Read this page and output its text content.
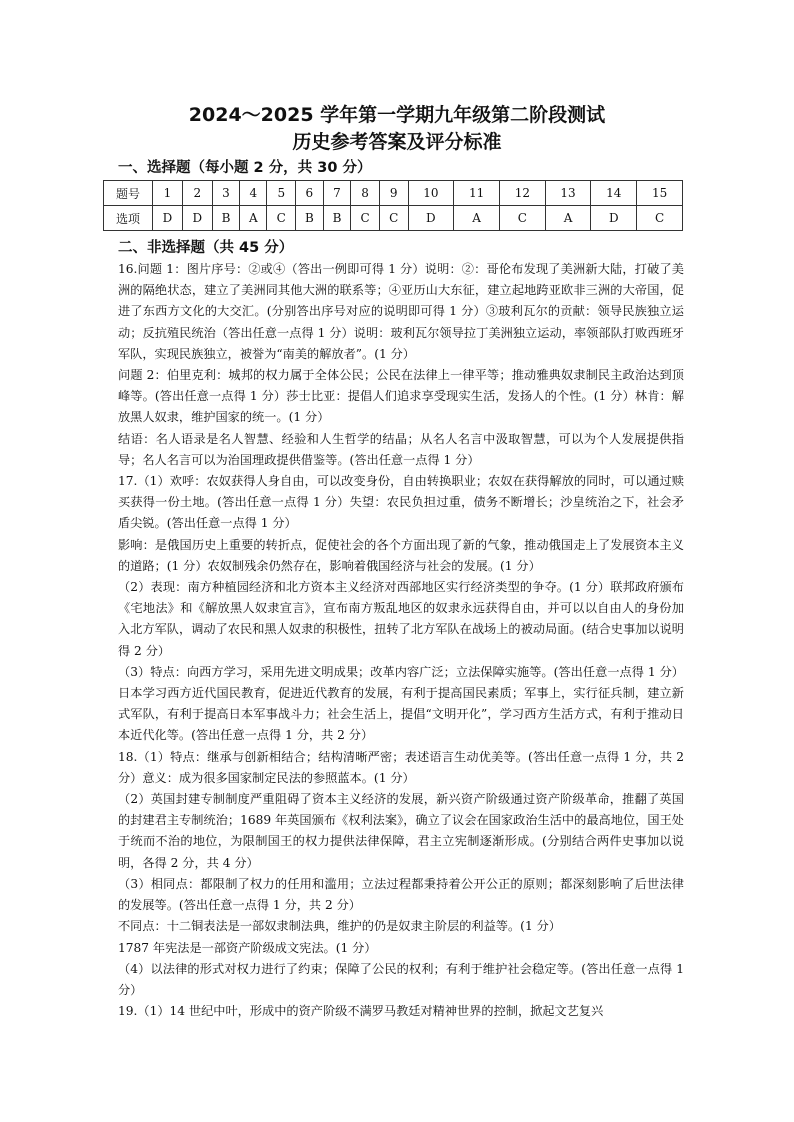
2024～2025 学年第一学期九年级第二阶段测试
历史参考答案及评分标准
一、选择题（每小题 2 分，共 30 分）
题号	1	2	3	4	5	6	7	8	9	10	11	12	13	14	15
选项	D	D	B	A	C	B	B	C	C	D	A	C	A	D	C
二、非选择题（共 45 分）

16.问题 1：图片序号：②或④（答出一例即可得 1 分）说明：②：哥伦布发现了美洲新大陆，打破了美洲的隔绝状态，建立了美洲同其他大洲的联系等；④亚历山大东征，建立起地跨亚欧非三洲的大帝国，促进了东西方文化的大交汇。(分别答出序号对应的说明即可得 1 分）③玻利瓦尔的贡献：领导民族独立运动；反抗殖民统治（答出任意一点得 1 分）说明：玻利瓦尔领导拉丁美洲独立运动，率领部队打败西班牙军队，实现民族独立，被誉为“南美的解放者”。(1 分）

问题 2：伯里克利：城邦的权力属于全体公民；公民在法律上一律平等；推动雅典奴隶制民主政治达到顶峰等。(答出任意一点得 1 分）莎士比亚：提倡人们追求享受现实生活，发扬人的个性。(1 分）林肯：解放黑人奴隶，维护国家的统一。(1 分）

结语：名人语录是名人智慧、经验和人生哲学的结晶；从名人名言中汲取智慧，可以为个人发展提供指导；名人名言可以为治国理政提供借鉴等。(答出任意一点得 1 分）

17.（1）欢呼：农奴获得人身自由，可以改变身份，自由转换职业；农奴在获得解放的同时，可以通过赎买获得一份土地。(答出任意一点得 1 分）失望：农民负担过重，债务不断增长；沙皇统治之下，社会矛盾尖锐。(答出任意一点得 1 分）

影响：是俄国历史上重要的转折点，促使社会的各个方面出现了新的气象，推动俄国走上了发展资本主义的道路；(1 分）农奴制残余仍然存在，影响着俄国经济与社会的发展。(1 分）

（2）表现：南方种植园经济和北方资本主义经济对西部地区实行经济类型的争夺。(1 分）联邦政府颁布《宅地法》和《解放黑人奴隶宣言》，宣布南方叛乱地区的奴隶永远获得自由，并可以以自由人的身份加入北方军队，调动了农民和黑人奴隶的积极性，扭转了北方军队在战场上的被动局面。(结合史事加以说明得 2 分）

（3）特点：向西方学习，采用先进文明成果；改革内容广泛；立法保障实施等。(答出任意一点得 1 分）日本学习西方近代国民教育，促进近代教育的发展，有利于提高国民素质；军事上，实行征兵制，建立新式军队，有利于提高日本军事战斗力；社会生活上，提倡“文明开化”，学习西方生活方式，有利于推动日本近代化等。(答出任意一点得 1 分，共 2 分）

18.（1）特点：继承与创新相结合；结构清晰严密；表述语言生动优美等。(答出任意一点得 1 分，共 2 分）意义：成为很多国家制定民法的参照蓝本。(1 分）

（2）英国封建专制制度严重阻碍了资本主义经济的发展，新兴资产阶级通过资产阶级革命，推翻了英国的封建君主专制统治；1689 年英国颁布《权利法案》，确立了议会在国家政治生活中的最高地位，国王处于统而不治的地位，为限制国王的权力提供法律保障，君主立宪制逐渐形成。(分别结合两件史事加以说明，各得 2 分，共 4 分）

（3）相同点：都限制了权力的任用和滥用；立法过程都秉持着公开公正的原则；都深刻影响了后世法律的发展等。(答出任意一点得 1 分，共 2 分）

不同点：十二铜表法是一部奴隶制法典，维护的仍是奴隶主阶层的利益等。(1 分）

1787 年宪法是一部资产阶级成文宪法。(1 分）

（4）以法律的形式对权力进行了约束；保障了公民的权利；有利于维护社会稳定等。(答出任意一点得 1 分）

19.（1）14 世纪中叶，形成中的资产阶级不满罗马教廷对精神世界的控制，掀起文艺复兴
